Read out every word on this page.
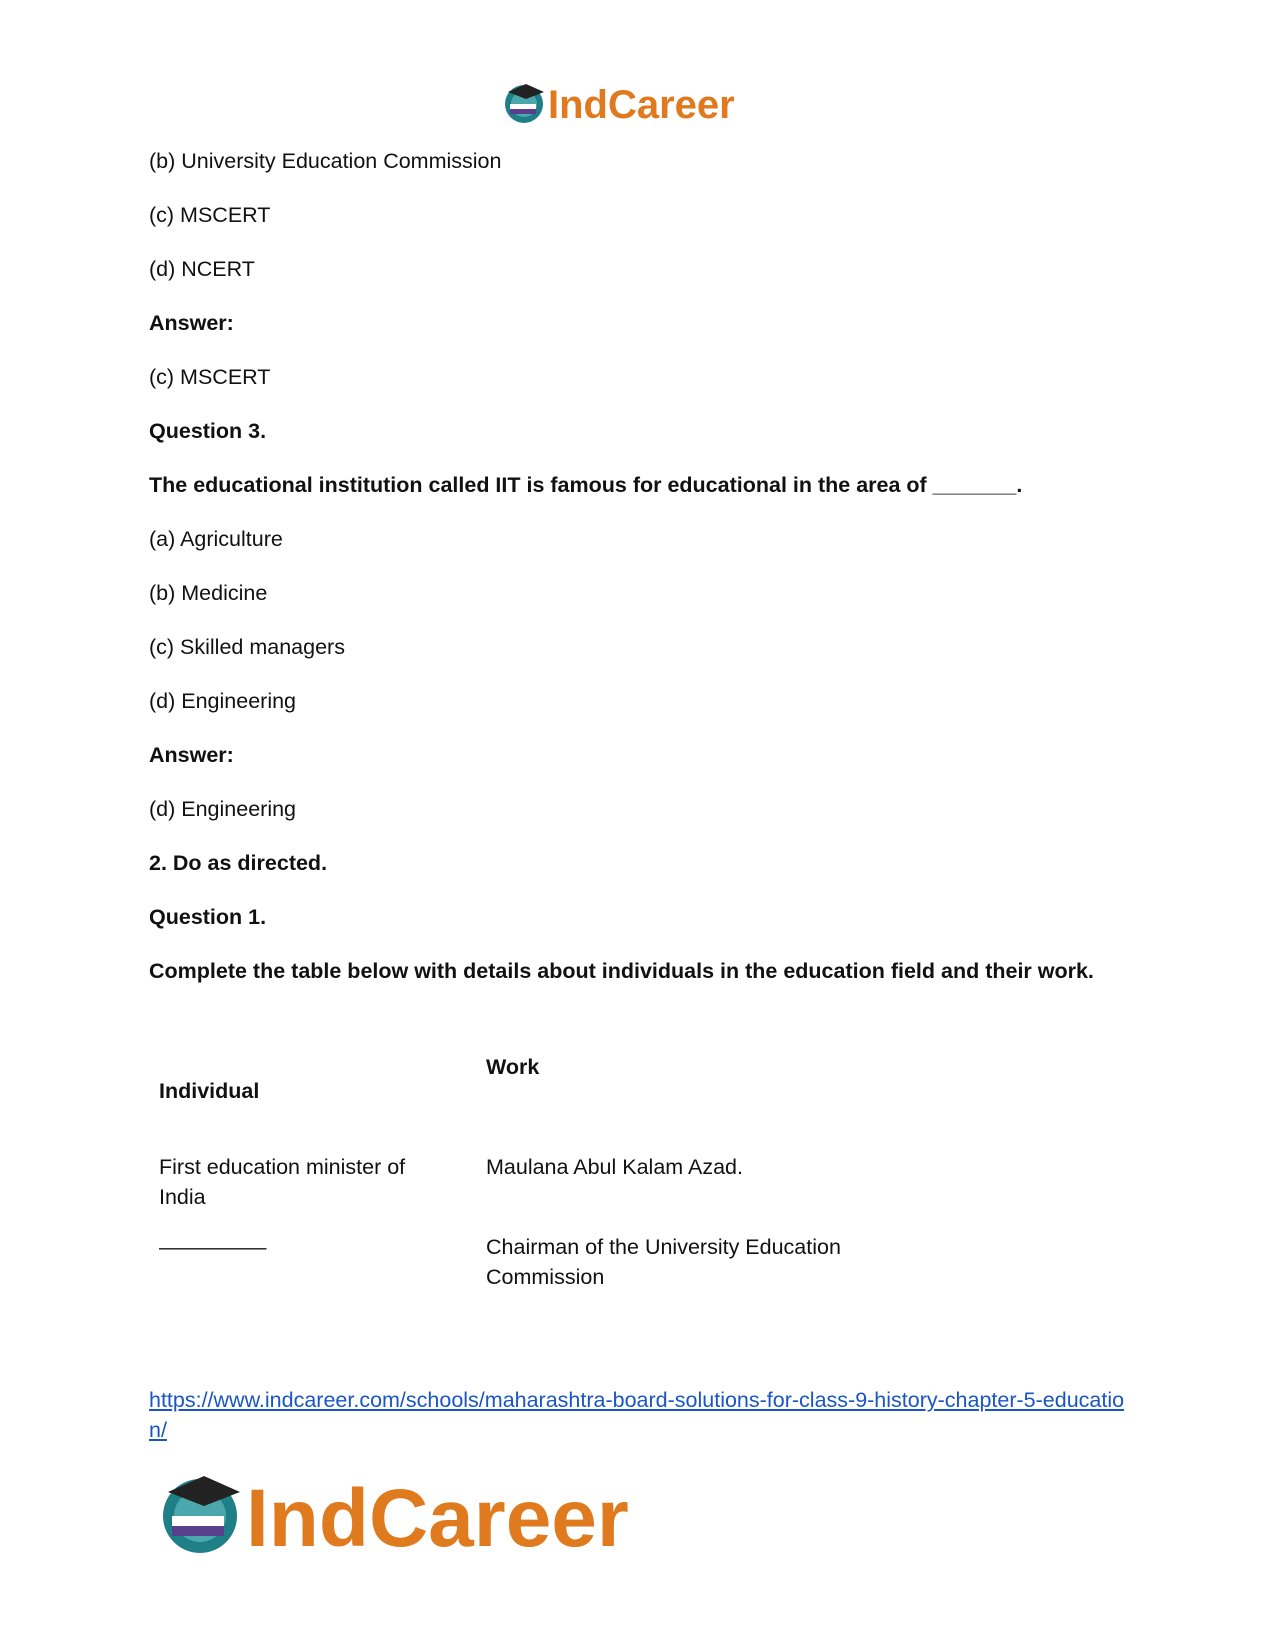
IndCareer
(b) University Education Commission
(c) MSCERT
(d) NCERT
Answer:
(c) MSCERT
Question 3.
The educational institution called IIT is famous for educational in the area of _______.
(a) Agriculture
(b) Medicine
(c) Skilled managers
(d) Engineering
Answer:
(d) Engineering
2. Do as directed.
Question 1.
Complete the table below with details about individuals in the education field and their work.
Work
Individual
First education minister of India
Maulana Abul Kalam Azad.
—————	Chairman of the University Education Commission
https://www.indcareer.com/schools/maharashtra-board-solutions-for-class-9-history-chapter-5-education/
IndCareer
